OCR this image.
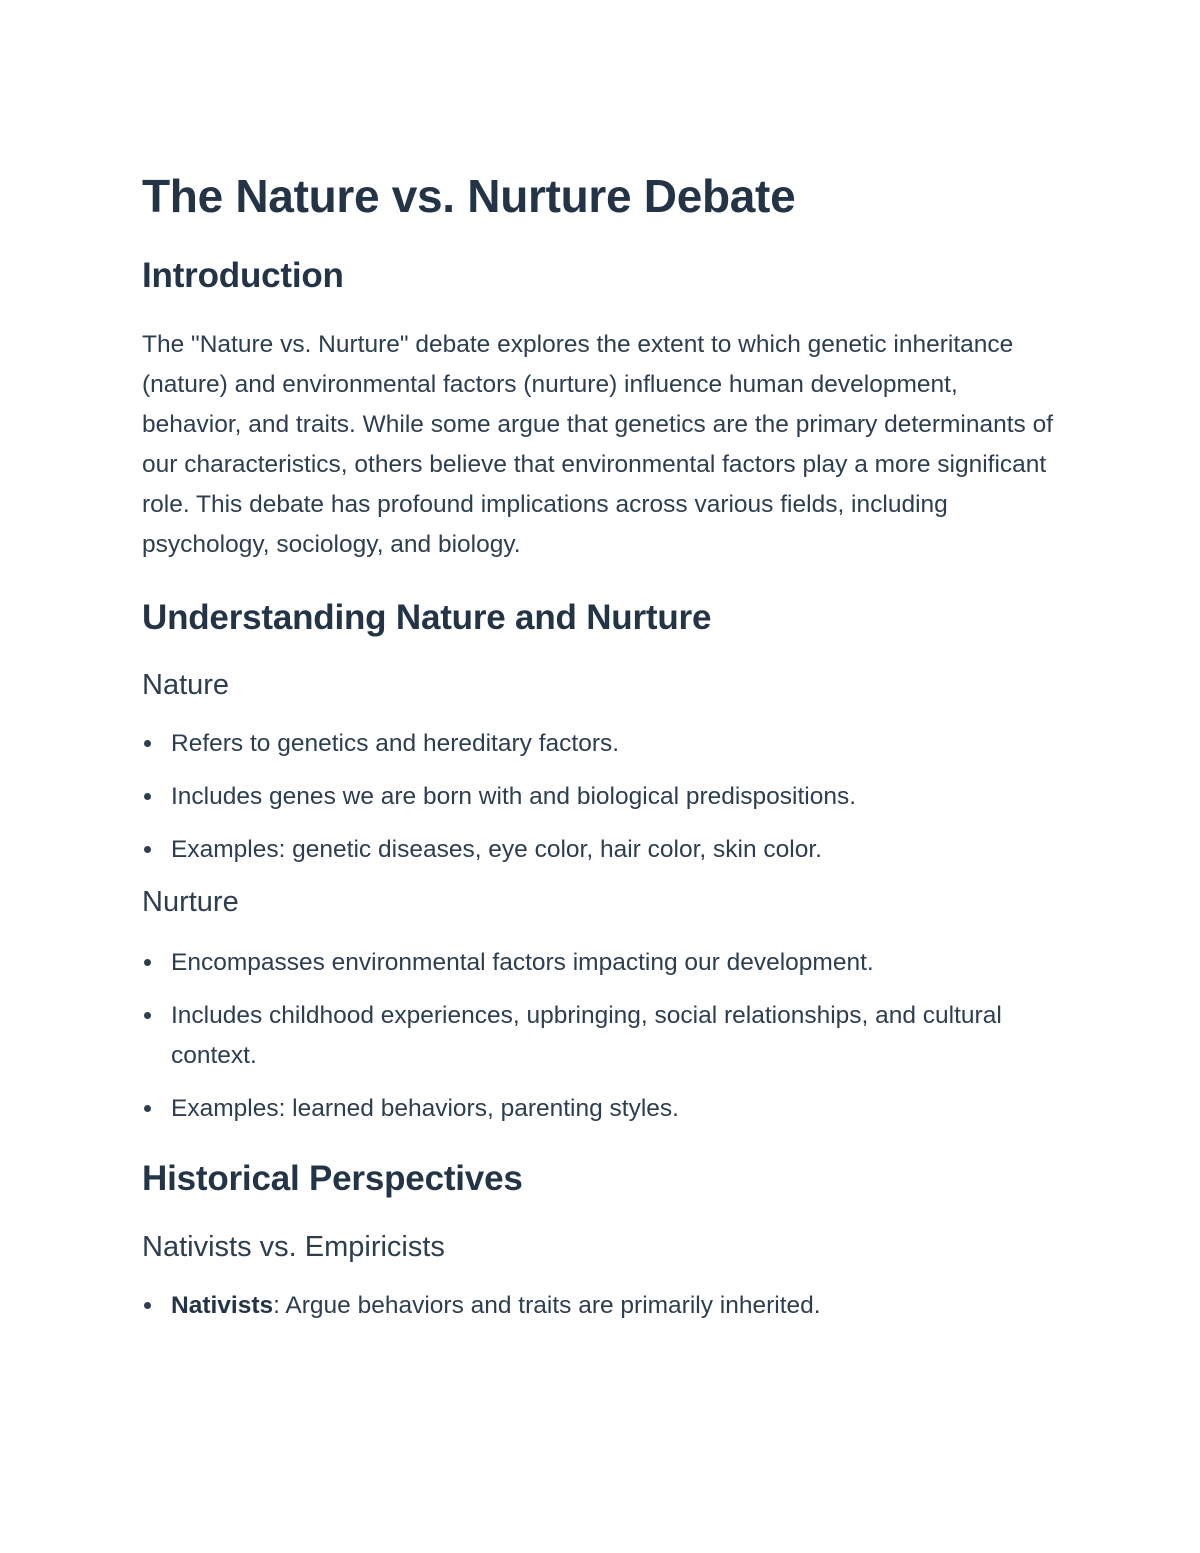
The Nature vs. Nurture Debate
Introduction

The "Nature vs. Nurture" debate explores the extent to which genetic inheritance (nature) and environmental factors (nurture) influence human development, behavior, and traits. While some argue that genetics are the primary determinants of our characteristics, others believe that environmental factors play a more significant role. This debate has profound implications across various fields, including psychology, sociology, and biology.

Understanding Nature and Nurture
Nature
Refers to genetics and hereditary factors.
Includes genes we are born with and biological predispositions.
Examples: genetic diseases, eye color, hair color, skin color.
Nurture
Encompasses environmental factors impacting our development.
Includes childhood experiences, upbringing, social relationships, and cultural context.
Examples: learned behaviors, parenting styles.
Historical Perspectives
Nativists vs. Empiricists
Nativists: Argue behaviors and traits are primarily inherited.
